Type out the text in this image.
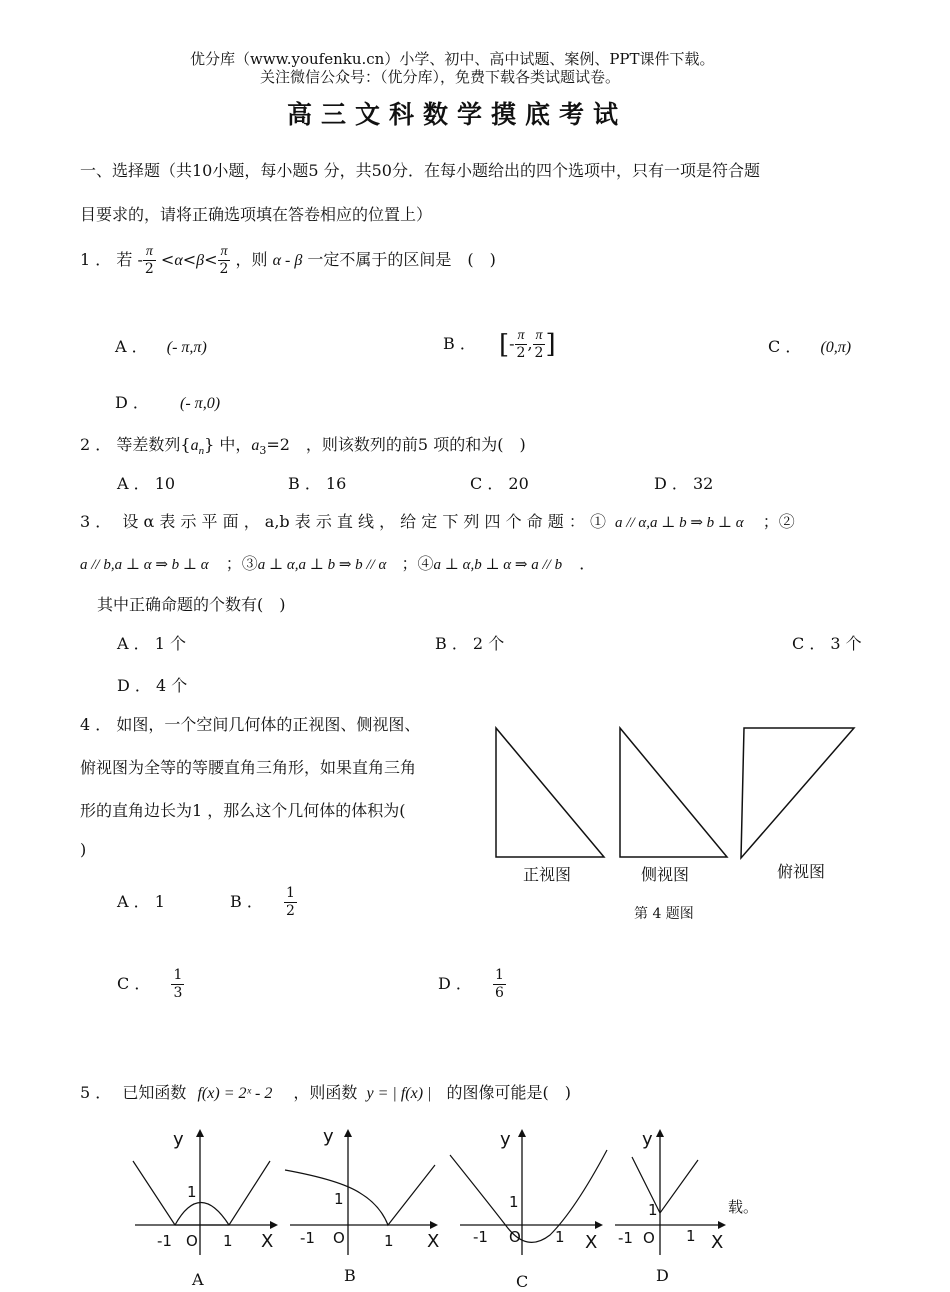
优分库（www.youfenku.cn）小学、初中、高中试题、案例、PPT课件下载。
关注微信公众号：（优分库），免费下载各类试题试卷。
高三文科数学摸底考试
一、选择题（共10小题，每小题5 分，共50分．在每小题给出的四个选项中，只有一项是符合题
目要求的，请将正确选项填在答卷相应的位置上）
1 ． 若 - $\frac{\pi}{2} <\alpha<\beta< \frac{\pi}{2}$ ，则 α - β 一定不属于的区间是　(　)
A ． (- π,π)	B ． [- $\frac{\pi}{2}$ , $\frac{\pi}{2}$ ]	C ． (0,π)
D ． (- π,0)
2 ． 等差数列$\{a_n\}$ 中，$a_3=2$　，则该数列的前5 项的和为(　)
A ． 10	B ． 16	C ． 20	D ． 32
3 ． 设 α 表 示 平 面 ， a,b 表 示 直 线 ， 给 定 下 列 四 个 命 题 ： ① a // α,a ⊥ b ⇒ b ⊥ α ；②
a // b,a ⊥ α ⇒ b ⊥ α ；③a ⊥ α,a ⊥ b ⇒ b // α ；④a ⊥ α,b ⊥ α ⇒ a // b ．
其中正确命题的个数有(　)
A ． 1 个	B ． 2 个	C ． 3 个
D ． 4 个
4 ． 如图，一个空间几何体的正视图、侧视图、
俯视图为全等的等腰直角三角形，如果直角三角
形的直角边长为1 ，那么这个几何体的体积为(
)
正视图	侧视图	俯视图
第 4 题图
A ． 1	B ． $\frac{1}{2}$
C ． $\frac{1}{3}$	D ． $\frac{1}{6}$
5 ． 已知函数 f(x) = 2ˣ - 2 ，则函数 y = | f(x) | 的图像可能是(　)
y
X
1
-1 O 1
A
y
X
1
-1 O	1
B
y
X
1
-1 O 1
C
y
X
1
-1 O 1
D
载。
